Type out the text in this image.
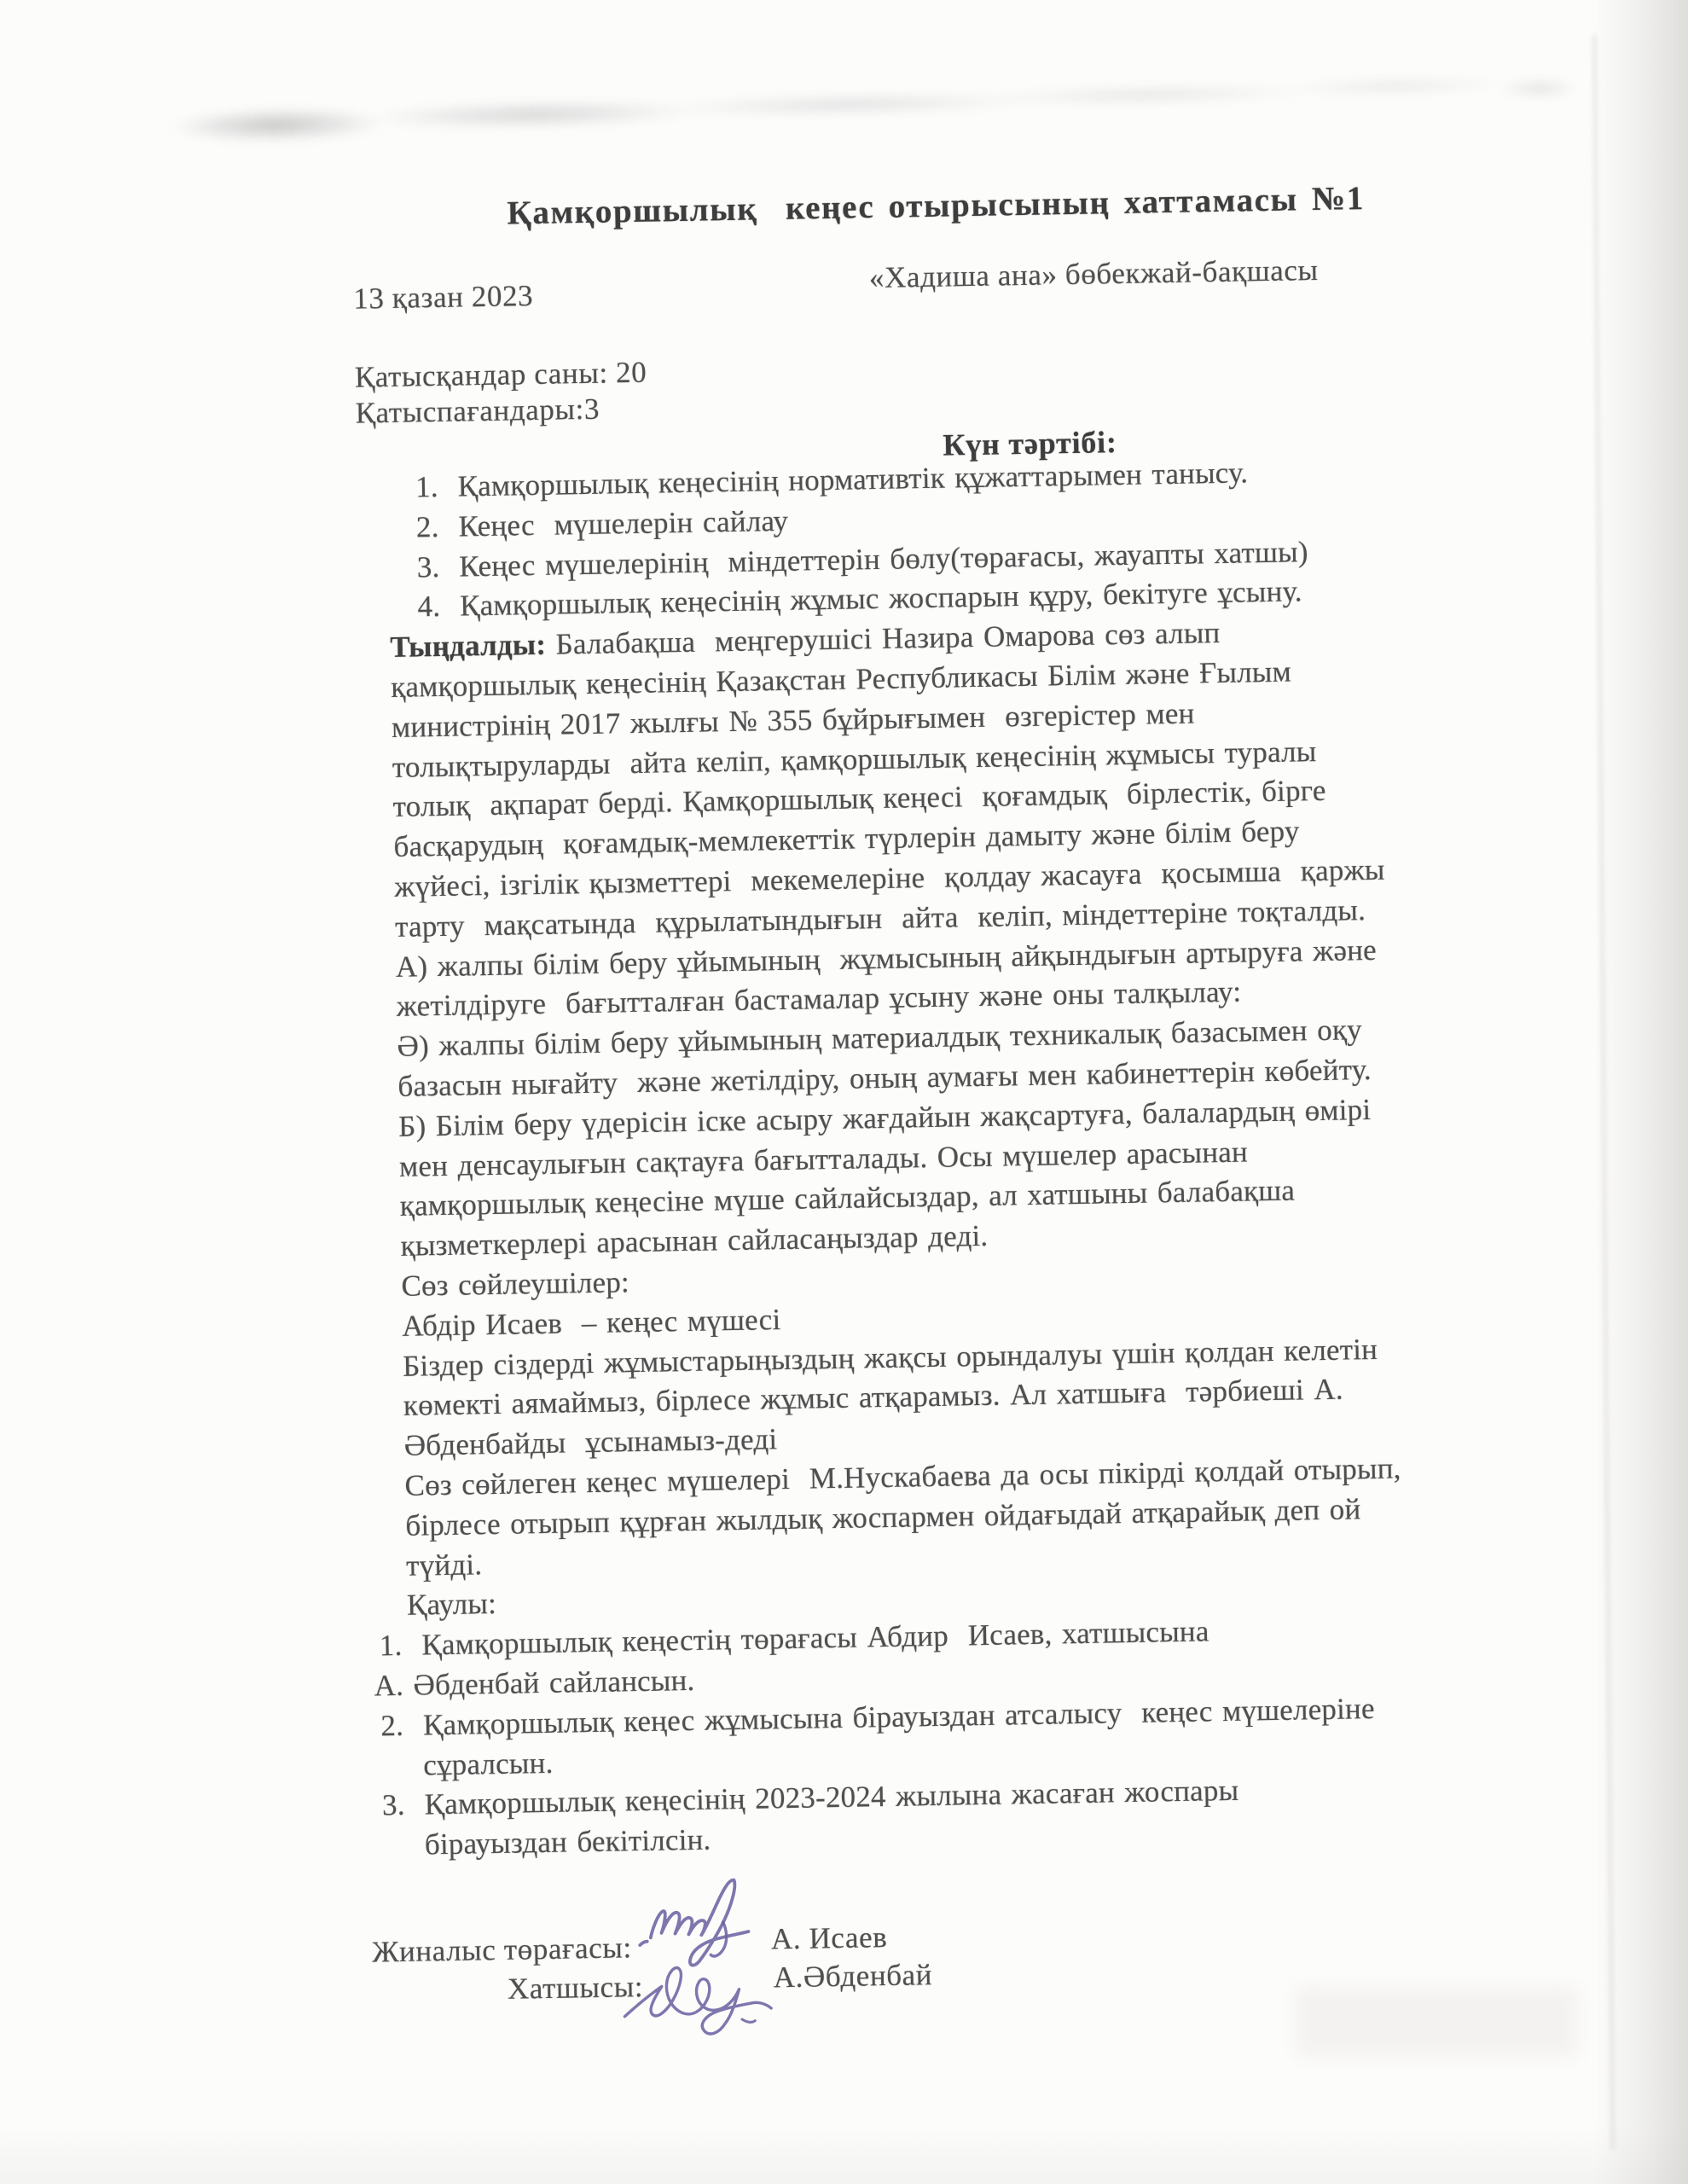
Қамқоршылық  кеңес отырысының хаттамасы №1
«Хадиша ана» бөбекжай-бақшасы
13 қазан 2023
Қатысқандар саны: 20
Қатыспағандары:3
Күн тәртібі:
1.  Қамқоршылық кеңесінің нормативтік құжаттарымен танысу.
2.  Кеңес  мүшелерін сайлау
3.  Кеңес мүшелерінің  міндеттерін бөлу(төрағасы, жауапты хатшы)
4.  Қамқоршылық кеңесінің жұмыс жоспарын құру, бекітуге ұсыну.
Тыңдалды: Балабақша  меңгерушісі Назира Омарова сөз алып
қамқоршылық кеңесінің Қазақстан Республикасы Білім және Ғылым
министрінің 2017 жылғы № 355 бұйрығымен  өзгерістер мен
толықтыруларды  айта келіп, қамқоршылық кеңесінің жұмысы туралы
толық  ақпарат берді. Қамқоршылық кеңесі  қоғамдық  бірлестік, бірге
басқарудың  қоғамдық-мемлекеттік түрлерін дамыту және білім беру
жүйесі, ізгілік қызметтері  мекемелеріне  қолдау жасауға  қосымша  қаржы
тарту  мақсатында  құрылатындығын  айта  келіп, міндеттеріне тоқталды.
А) жалпы білім беру ұйымының  жұмысының айқындығын артыруға және
жетілдіруге  бағытталған бастамалар ұсыну және оны талқылау:
Ә) жалпы білім беру ұйымының материалдық техникалық базасымен оқу
базасын нығайту  және жетілдіру, оның аумағы мен кабинеттерін көбейту.
Б) Білім беру үдерісін іске асыру жағдайын жақсартуға, балалардың өмірі
мен денсаулығын сақтауға бағытталады. Осы мүшелер арасынан
қамқоршылық кеңесіне мүше сайлайсыздар, ал хатшыны балабақша
қызметкерлері арасынан сайласаңыздар деді.
Сөз сөйлеушілер:
Абдір Исаев  – кеңес мүшесі
Біздер сіздерді жұмыстарыңыздың жақсы орындалуы үшін қолдан келетін
көмекті аямаймыз, бірлесе жұмыс атқарамыз. Ал хатшыға  тәрбиеші А.
Әбденбайды  ұсынамыз-деді
Сөз сөйлеген кеңес мүшелері  М.Нускабаева да осы пікірді қолдай отырып,
бірлесе отырып құрған жылдық жоспармен ойдағыдай атқарайық деп ой
түйді.
Қаулы:
1.  Қамқоршылық кеңестің төрағасы Абдир  Исаев, хатшысына
А. Әбденбай сайлансын.
2.  Қамқоршылық кеңес жұмысына бірауыздан атсалысу  кеңес мүшелеріне
сұралсын.
3.  Қамқоршылық кеңесінің 2023-2024 жылына жасаған жоспары
бірауыздан бекітілсін.
Жиналыс төрағасы:	А. Исаев
Хатшысы:	А.Әбденбай
